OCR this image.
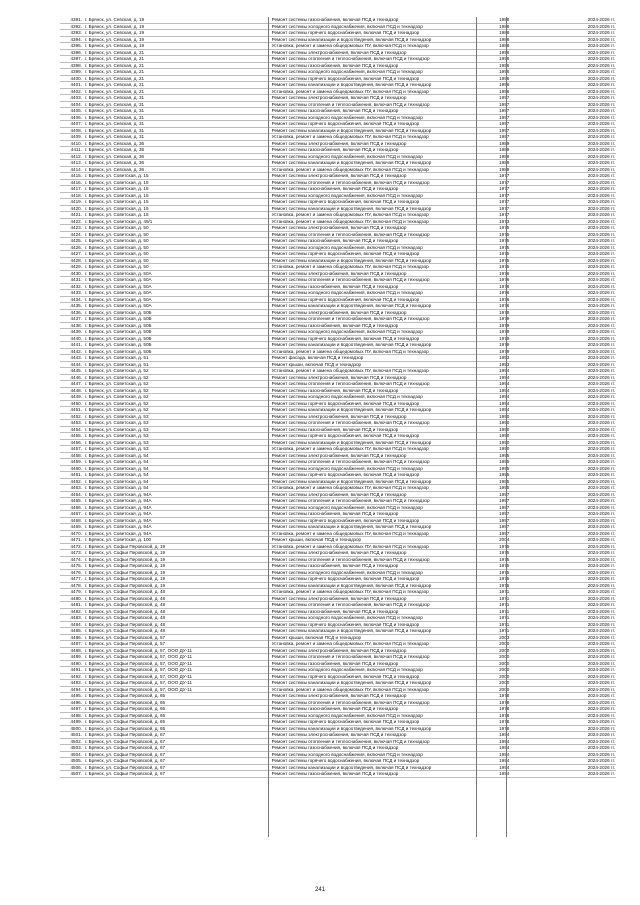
4391. г. Брянск, ул. Севская, д. 19	Ремонт системы газоснабжения, включая ПСД и технадзор	1988	2024-2026 гг.
4392. г. Брянск, ул. Севская, д. 19	Ремонт системы холодного водоснабжения, включая ПСД и технадзор	1988	2024-2026 гг.
4393. г. Брянск, ул. Севская, д. 19	Ремонт системы горячего водоснабжения, включая ПСД и технадзор	1988	2024-2026 гг.
4394. г. Брянск, ул. Севская, д. 19	Ремонт системы канализации и водоотведения, включая ПСД и технадзор	1988	2024-2026 гг.
4395. г. Брянск, ул. Севская, д. 19	Установка, ремонт и замена общедомовых ПУ, включая ПСД и технадзор	1988	2024-2026 гг.
4396. г. Брянск, ул. Севская, д. 21	Ремонт системы электроснабжения, включая ПСД и технадзор	1996	2024-2026 гг.
4397. г. Брянск, ул. Севская, д. 21	Ремонт системы отопления и теплоснабжения, включая ПСД и технадзор	1996	2024-2026 гг.
4398. г. Брянск, ул. Севская, д. 21	Ремонт системы газоснабжения, включая ПСД и технадзор	1996	2024-2026 гг.
4399. г. Брянск, ул. Севская, д. 21	Ремонт системы холодного водоснабжения, включая ПСД и технадзор	1996	2024-2026 гг.
4400. г. Брянск, ул. Севская, д. 21	Ремонт системы горячего водоснабжения, включая ПСД и технадзор	1996	2024-2026 гг.
4401. г. Брянск, ул. Севская, д. 21	Ремонт системы канализации и водоотведения, включая ПСД и технадзор	1996	2024-2026 гг.
4402. г. Брянск, ул. Севская, д. 21	Установка, ремонт и замена общедомовых ПУ, включая ПСД и технадзор	1996	2024-2026 гг.
4403. г. Брянск, ул. Севская, д. 31	Ремонт системы электроснабжения, включая ПСД и технадзор	1997	2024-2026 гг.
4404. г. Брянск, ул. Севская, д. 31	Ремонт системы отопления и теплоснабжения, включая ПСД и технадзор	1997	2024-2026 гг.
4405. г. Брянск, ул. Севская, д. 31	Ремонт системы газоснабжения, включая ПСД и технадзор	1997	2024-2026 гг.
4406. г. Брянск, ул. Севская, д. 31	Ремонт системы холодного водоснабжения, включая ПСД и технадзор	1997	2024-2026 гг.
4407. г. Брянск, ул. Севская, д. 31	Ремонт системы горячего водоснабжения, включая ПСД и технадзор	1997	2024-2026 гг.
4408. г. Брянск, ул. Севская, д. 31	Ремонт системы канализации и водоотведения, включая ПСД и технадзор	1997	2024-2026 гг.
4409. г. Брянск, ул. Севская, д. 31	Установка, ремонт и замена общедомовых ПУ, включая ПСД и технадзор	1997	2024-2026 гг.
4410. г. Брянск, ул. Севская, д. 36	Ремонт системы электроснабжения, включая ПСД и технадзор	1989	2024-2026 гг.
4411. г. Брянск, ул. Севская, д. 36	Ремонт системы газоснабжения, включая ПСД и технадзор	1989	2024-2026 гг.
4412. г. Брянск, ул. Севская, д. 36	Ремонт системы холодного водоснабжения, включая ПСД и технадзор	1989	2024-2026 гг.
4413. г. Брянск, ул. Севская, д. 36	Ремонт системы канализации и водоотведения, включая ПСД и технадзор	1989	2024-2026 гг.
4414. г. Брянск, ул. Севская, д. 36	Установка, ремонт и замена общедомовых ПУ, включая ПСД и технадзор	1989	2024-2026 гг.
4415. г. Брянск, ул. Советская, д. 15	Ремонт системы электроснабжения, включая ПСД и технадзор	1977	2024-2026 гг.
4416. г. Брянск, ул. Советская, д. 15	Ремонт системы отопления и теплоснабжения, включая ПСД и технадзор	1977	2024-2026 гг.
4417. г. Брянск, ул. Советская, д. 15	Ремонт системы газоснабжения, включая ПСД и технадзор	1977	2024-2026 гг.
4418. г. Брянск, ул. Советская, д. 15	Ремонт системы холодного водоснабжения, включая ПСД и технадзор	1977	2024-2026 гг.
4419. г. Брянск, ул. Советская, д. 15	Ремонт системы горячего водоснабжения, включая ПСД и технадзор	1977	2024-2026 гг.
4420. г. Брянск, ул. Советская, д. 15	Ремонт системы канализации и водоотведения, включая ПСД и технадзор	1977	2024-2026 гг.
4421. г. Брянск, ул. Советская, д. 15	Установка, ремонт и замена общедомовых ПУ, включая ПСД и технадзор	1977	2024-2026 гг.
4422. г. Брянск, ул. Советская, д. 49/1	Установка, ремонт и замена общедомовых ПУ, включая ПСД и технадзор	1973	2024-2026 гг.
4423. г. Брянск, ул. Советская, д. 50	Ремонт системы электроснабжения, включая ПСД и технадзор	1975	2024-2026 гг.
4424. г. Брянск, ул. Советская, д. 50	Ремонт системы отопления и теплоснабжения, включая ПСД и технадзор	1975	2024-2026 гг.
4425. г. Брянск, ул. Советская, д. 50	Ремонт системы газоснабжения, включая ПСД и технадзор	1975	2024-2026 гг.
4426. г. Брянск, ул. Советская, д. 50	Ремонт системы холодного водоснабжения, включая ПСД и технадзор	1975	2024-2026 гг.
4427. г. Брянск, ул. Советская, д. 50	Ремонт системы горячего водоснабжения, включая ПСД и технадзор	1975	2024-2026 гг.
4428. г. Брянск, ул. Советская, д. 50	Ремонт системы канализации и водоотведения, включая ПСД и технадзор	1975	2024-2026 гг.
4429. г. Брянск, ул. Советская, д. 50	Установка, ремонт и замена общедомовых ПУ, включая ПСД и технадзор	1975	2024-2026 гг.
4430. г. Брянск, ул. Советская, д. 50А	Ремонт системы электроснабжения, включая ПСД и технадзор	1976	2024-2026 гг.
4431. г. Брянск, ул. Советская, д. 50А	Ремонт системы отопления и теплоснабжения, включая ПСД и технадзор	1976	2024-2026 гг.
4432. г. Брянск, ул. Советская, д. 50А	Ремонт системы газоснабжения, включая ПСД и технадзор	1976	2024-2026 гг.
4433. г. Брянск, ул. Советская, д. 50А	Ремонт системы холодного водоснабжения, включая ПСД и технадзор	1976	2024-2026 гг.
4434. г. Брянск, ул. Советская, д. 50А	Ремонт системы горячего водоснабжения, включая ПСД и технадзор	1976	2024-2026 гг.
4435. г. Брянск, ул. Советская, д. 50А	Ремонт системы канализации и водоотведения, включая ПСД и технадзор	1976	2024-2026 гг.
4436. г. Брянск, ул. Советская, д. 50Б	Ремонт системы электроснабжения, включая ПСД и технадзор	1979	2024-2026 гг.
4437. г. Брянск, ул. Советская, д. 50Б	Ремонт системы отопления и теплоснабжения, включая ПСД и технадзор	1979	2024-2026 гг.
4438. г. Брянск, ул. Советская, д. 50Б	Ремонт системы газоснабжения, включая ПСД и технадзор	1979	2024-2026 гг.
4439. г. Брянск, ул. Советская, д. 50Б	Ремонт системы холодного водоснабжения, включая ПСД и технадзор	1979	2024-2026 гг.
4440. г. Брянск, ул. Советская, д. 50Б	Ремонт системы горячего водоснабжения, включая ПСД и технадзор	1979	2024-2026 гг.
4441. г. Брянск, ул. Советская, д. 50Б	Ремонт системы канализации и водоотведения, включая ПСД и технадзор	1979	2024-2026 гг.
4442. г. Брянск, ул. Советская, д. 50Б	Установка, ремонт и замена общедомовых ПУ, включая ПСД и технадзор	1979	2024-2026 гг.
4443. г. Брянск, ул. Советская, д. 51	Ремонт фасада, включая ПСД и технадзор	1953	2024-2026 гг.
4444. г. Брянск, ул. Советская, д. 51	Ремонт крыши, включая ПСД и технадзор	1953	2024-2026 гг.
4445. г. Брянск, ул. Советская, д. 52	Установка, ремонт и замена общедомовых ПУ, включая ПСД и технадзор	1994	2024-2026 гг.
4446. г. Брянск, ул. Советская, д. 52	Ремонт системы электроснабжения, включая ПСД и технадзор	1994	2024-2026 гг.
4447. г. Брянск, ул. Советская, д. 52	Ремонт системы отопления и теплоснабжения, включая ПСД и технадзор	1994	2024-2026 гг.
4448. г. Брянск, ул. Советская, д. 52	Ремонт системы газоснабжения, включая ПСД и технадзор	1994	2024-2026 гг.
4449. г. Брянск, ул. Советская, д. 52	Ремонт системы холодного водоснабжения, включая ПСД и технадзор	1994	2024-2026 гг.
4450. г. Брянск, ул. Советская, д. 52	Ремонт системы горячего водоснабжения, включая ПСД и технадзор	1994	2024-2026 гг.
4451. г. Брянск, ул. Советская, д. 52	Ремонт системы канализации и водоотведения, включая ПСД и технадзор	1994	2024-2026 гг.
4452. г. Брянск, ул. Советская, д. 53	Ремонт системы электроснабжения, включая ПСД и технадзор	1990	2024-2026 гг.
4453. г. Брянск, ул. Советская, д. 53	Ремонт системы отопления и теплоснабжения, включая ПСД и технадзор	1990	2024-2026 гг.
4454. г. Брянск, ул. Советская, д. 53	Ремонт системы газоснабжения, включая ПСД и технадзор	1990	2024-2026 гг.
4455. г. Брянск, ул. Советская, д. 53	Ремонт системы горячего водоснабжения, включая ПСД и технадзор	1990	2024-2026 гг.
4456. г. Брянск, ул. Советская, д. 53	Ремонт системы канализации и водоотведения, включая ПСД и технадзор	1990	2024-2026 гг.
4457. г. Брянск, ул. Советская, д. 53	Установка, ремонт и замена общедомовых ПУ, включая ПСД и технадзор	1990	2024-2026 гг.
4458. г. Брянск, ул. Советская, д. 54	Ремонт системы электроснабжения, включая ПСД и технадзор	1995	2024-2026 гг.
4459. г. Брянск, ул. Советская, д. 54	Ремонт системы отопления и теплоснабжения, включая ПСД и технадзор	1995	2024-2026 гг.
4460. г. Брянск, ул. Советская, д. 54	Ремонт системы холодного водоснабжения, включая ПСД и технадзор	1995	2024-2026 гг.
4461. г. Брянск, ул. Советская, д. 54	Ремонт системы горячего водоснабжения, включая ПСД и технадзор	1995	2024-2026 гг.
4462. г. Брянск, ул. Советская, д. 54	Ремонт системы канализации и водоотведения, включая ПСД и технадзор	1995	2024-2026 гг.
4463. г. Брянск, ул. Советская, д. 54	Установка, ремонт и замена общедомовых ПУ, включая ПСД и технадзор	1995	2024-2026 гг.
4464. г. Брянск, ул. Советская, д. 94А	Ремонт системы электроснабжения, включая ПСД и технадзор	1997	2024-2026 гг.
4465. г. Брянск, ул. Советская, д. 94А	Ремонт системы отопления и теплоснабжения, включая ПСД и технадзор	1997	2024-2026 гг.
4466. г. Брянск, ул. Советская, д. 94А	Ремонт системы холодного водоснабжения, включая ПСД и технадзор	1997	2024-2026 гг.
4467. г. Брянск, ул. Советская, д. 94А	Ремонт системы газоснабжения, включая ПСД и технадзор	1997	2024-2026 гг.
4468. г. Брянск, ул. Советская, д. 94А	Ремонт системы горячего водоснабжения, включая ПСД и технадзор	1997	2024-2026 гг.
4469. г. Брянск, ул. Советская, д. 94А	Ремонт системы канализации и водоотведения, включая ПСД и технадзор	1997	2024-2026 гг.
4470. г. Брянск, ул. Советская, д. 94А	Установка, ремонт и замена общедомовых ПУ, включая ПСД и технадзор	1997	2024-2026 гг.
4471. г. Брянск, ул. Советская, д. 100	Ремонт крыши, включая ПСД и технадзор	2004	2024-2026 гг.
4472. г. Брянск, ул. Софьи Перовской, д. 19	Установка, ремонт и замена общедомовых ПУ, включая ПСД и технадзор	1975	2024-2026 гг.
4473. г. Брянск, ул. Софьи Перовской, д. 19	Ремонт системы электроснабжения, включая ПСД и технадзор	1975	2024-2026 гг.
4474. г. Брянск, ул. Софьи Перовской, д. 19	Ремонт системы отопления и теплоснабжения, включая ПСД и технадзор	1975	2024-2026 гг.
4475. г. Брянск, ул. Софьи Перовской, д. 19	Ремонт системы газоснабжения, включая ПСД и технадзор	1975	2024-2026 гг.
4476. г. Брянск, ул. Софьи Перовской, д. 19	Ремонт системы холодного водоснабжения, включая ПСД и технадзор	1975	2024-2026 гг.
4477. г. Брянск, ул. Софьи Перовской, д. 19	Ремонт системы горячего водоснабжения, включая ПСД и технадзор	1975	2024-2026 гг.
4478. г. Брянск, ул. Софьи Перовской, д. 19	Ремонт системы канализации и водоотведения, включая ПСД и технадзор	1975	2024-2026 гг.
4479. г. Брянск, ул. Софьи Перовской, д. 48	Установка, ремонт и замена общедомовых ПУ, включая ПСД и технадзор	1971	2024-2026 гг.
4480. г. Брянск, ул. Софьи Перовской, д. 48	Ремонт системы электроснабжения, включая ПСД и технадзор	1971	2024-2026 гг.
4481. г. Брянск, ул. Софьи Перовской, д. 48	Ремонт системы отопления и теплоснабжения, включая ПСД и технадзор	1971	2024-2026 гг.
4482. г. Брянск, ул. Софьи Перовской, д. 48	Ремонт системы газоснабжения, включая ПСД и технадзор	1971	2024-2026 гг.
4483. г. Брянск, ул. Софьи Перовской, д. 48	Ремонт системы холодного водоснабжения, включая ПСД и технадзор	1971	2024-2026 гг.
4484. г. Брянск, ул. Софьи Перовской, д. 48	Ремонт системы горячего водоснабжения, включая ПСД и технадзор	1971	2024-2026 гг.
4485. г. Брянск, ул. Софьи Перовской, д. 48	Ремонт системы канализации и водоотведения, включая ПСД и технадзор	1971	2024-2026 гг.
4486. г. Брянск, ул. Софьи Перовской, д. 57	Ремонт крыши, включая ПСД и технадзор	2003	2024-2026 гг.
4487. г. Брянск, ул. Софьи Перовской, д. 57	Установка, ремонт и замена общедомовых ПУ, включая ПСД и технадзор	2000	2024-2026 гг.
4488. г. Брянск, ул. Софьи Перовской, д. 57, ООО ДУ-11	Ремонт системы электроснабжения, включая ПСД и технадзор	2000	2024-2026 гг.
4489. г. Брянск, ул. Софьи Перовской, д. 57, ООО ДУ-11	Ремонт системы отопления и теплоснабжения, включая ПСД и технадзор	2000	2024-2026 гг.
4490. г. Брянск, ул. Софьи Перовской, д. 57, ООО ДУ-11	Ремонт системы газоснабжения, включая ПСД и технадзор	2000	2024-2026 гг.
4491. г. Брянск, ул. Софьи Перовской, д. 57, ООО ДУ-11	Ремонт системы холодного водоснабжения, включая ПСД и технадзор	2000	2024-2026 гг.
4492. г. Брянск, ул. Софьи Перовской, д. 57, ООО ДУ-11	Ремонт системы горячего водоснабжения, включая ПСД и технадзор	2000	2024-2026 гг.
4493. г. Брянск, ул. Софьи Перовской, д. 57, ООО ДУ-11	Ремонт системы канализации и водоотведения, включая ПСД и технадзор	2000	2024-2026 гг.
4494. г. Брянск, ул. Софьи Перовской, д. 57, ООО ДУ-11	Установка, ремонт и замена общедомовых ПУ, включая ПСД и технадзор	2000	2024-2026 гг.
4495. г. Брянск, ул. Софьи Перовской, д. 65	Ремонт системы электроснабжения, включая ПСД и технадзор	1978	2024-2026 гг.
4496. г. Брянск, ул. Софьи Перовской, д. 65	Ремонт системы отопления и теплоснабжения, включая ПСД и технадзор	1978	2024-2026 гг.
4497. г. Брянск, ул. Софьи Перовской, д. 65	Ремонт системы газоснабжения, включая ПСД и технадзор	1978	2024-2026 гг.
4498. г. Брянск, ул. Софьи Перовской, д. 65	Ремонт системы холодного водоснабжения, включая ПСД и технадзор	1978	2024-2026 гг.
4499. г. Брянск, ул. Софьи Перовской, д. 65	Ремонт системы горячего водоснабжения, включая ПСД и технадзор	1978	2024-2026 гг.
4500. г. Брянск, ул. Софьи Перовской, д. 65	Ремонт системы канализации и водоотведения, включая ПСД и технадзор	1978	2024-2026 гг.
4501. г. Брянск, ул. Софьи Перовской, д. 67	Ремонт системы электроснабжения, включая ПСД и технадзор	1994	2024-2026 гг.
4502. г. Брянск, ул. Софьи Перовской, д. 67	Ремонт системы отопления и теплоснабжения, включая ПСД и технадзор	1994	2024-2026 гг.
4503. г. Брянск, ул. Софьи Перовской, д. 67	Ремонт системы газоснабжения, включая ПСД и технадзор	1994	2024-2026 гг.
4504. г. Брянск, ул. Софьи Перовской, д. 67	Ремонт системы холодного водоснабжения, включая ПСД и технадзор	1994	2024-2026 гг.
4505. г. Брянск, ул. Софьи Перовской, д. 67	Ремонт системы горячего водоснабжения, включая ПСД и технадзор	1994	2024-2026 гг.
4506. г. Брянск, ул. Софьи Перовской, д. 67	Ремонт системы канализации и водоотведения, включая ПСД и технадзор	1994	2024-2026 гг.
4507. г. Брянск, ул. Софьи Перовской, д. 67	Ремонт системы газоснабжения, включая ПСД и технадзор	1994	2024-2026 гг.
241
